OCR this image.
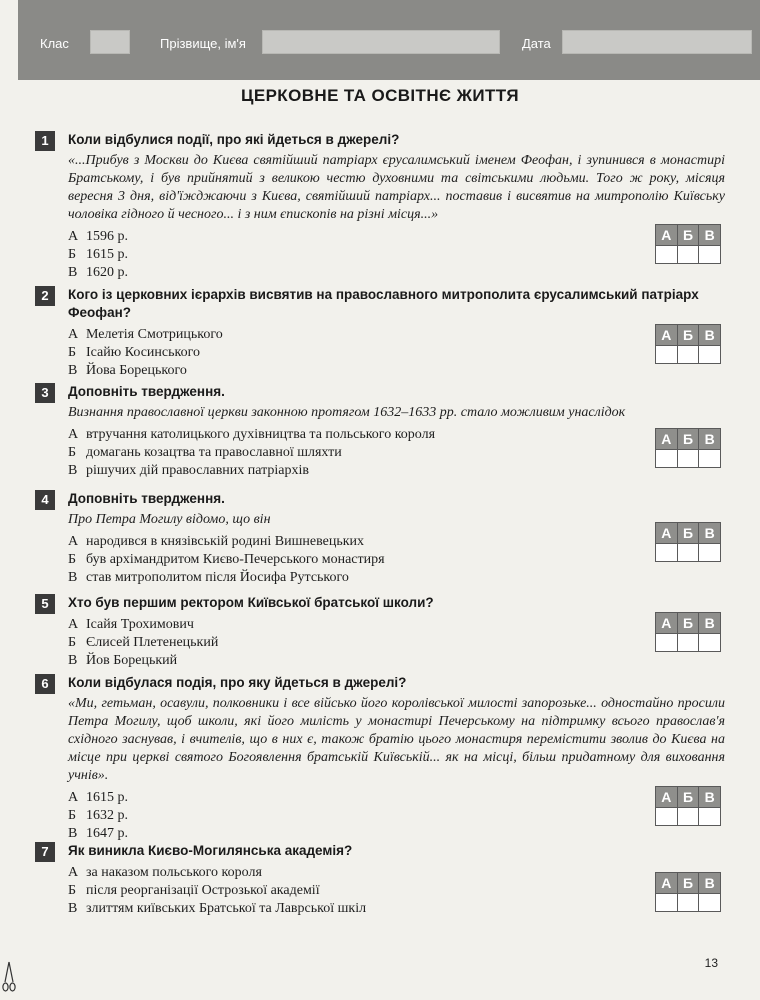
Клас	Прізвище, ім'я	Дата
ЦЕРКОВНЕ ТА ОСВІТНЄ ЖИТТЯ
1	Коли відбулися події, про які йдеться в джерелі?
«...Прибув з Москви до Києва святійший патріарх єрусалимський іменем Феофан, і зупинився в монастирі Братському, і був прийнятий з великою честю духовними та світськими людьми. Того ж року, місяця вересня 3 дня, від'їжджаючи з Києва, святійший патріарх... поставив і висвятив на митрополію Київську чоловіка гідного й чесного... і з ним єпископів на різні місця...»
А 1596 р.
Б 1615 р.
В 1620 р.
А Б В
2	Кого із церковних ієрархів висвятив на православного митрополита єрусалимський патріарх Феофан?
А Мелетія Смотрицького
Б Ісайю Косинського
В Йова Борецького
А Б В
3	Доповніть твердження.
Визнання православної церкви законною протягом 1632–1633 рр. стало можливим унаслідок
А втручання католицького духівництва та польського короля
Б домагань козацтва та православної шляхти
В рішучих дій православних патріархів
А Б В
4	Доповніть твердження.
Про Петра Могилу відомо, що він
А народився в князівській родині Вишневецьких
Б був архімандритом Києво-Печерського монастиря
В став митрополитом після Йосифа Рутського
А Б В
5	Хто був першим ректором Київської братської школи?
А Ісайя Трохимович
Б Єлисей Плетенецький
В Йов Борецький
А Б В
6	Коли відбулася подія, про яку йдеться в джерелі?
«Ми, гетьман, осавули, полковники і все військо його королівської милості запорозьке... одностайно просили Петра Могилу, щоб школи, які його милість у монастирі Печерському на підтримку всього православ'я східного заснував, і вчителів, що в них є, також братію цього монастиря перемістити зволив до Києва на місце при церкві святого Богоявлення братській Київській... як на місці, більш придатному для виховання учнів».
А 1615 р.
Б 1632 р.
В 1647 р.
А Б В
7	Як виникла Києво-Могилянська академія?
А за наказом польського короля
Б після реорганізації Острозької академії
В злиттям київських Братської та Лаврської шкіл
А Б В
13
